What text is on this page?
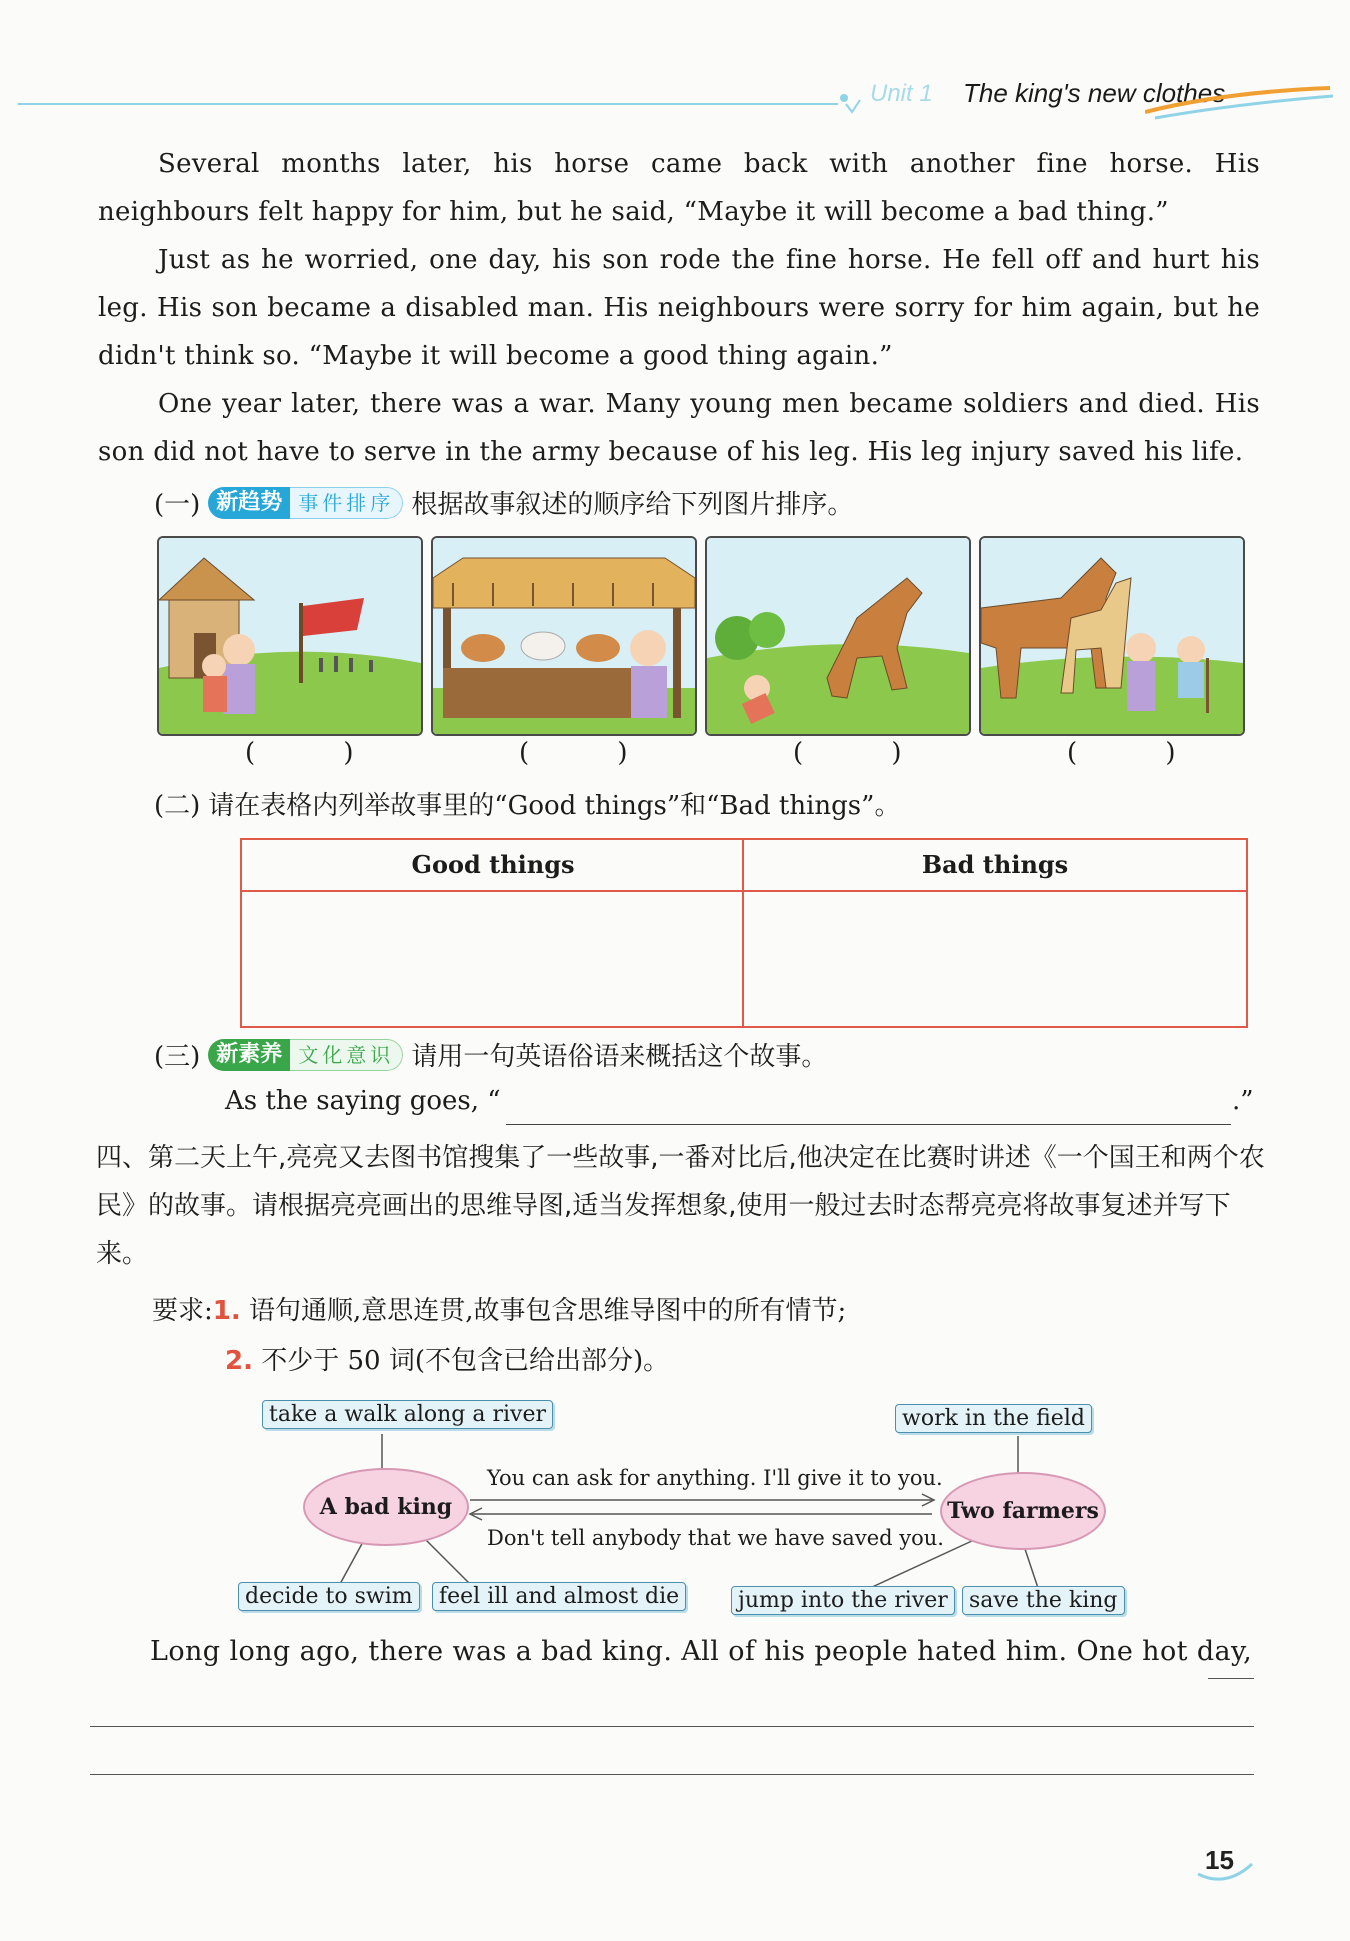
Unit 1 The king's new clothes

Several months later, his horse came back with another fine horse. His neighbours felt happy for him, but he said, “Maybe it will become a bad thing.”

Just as he worried, one day, his son rode the fine horse. He fell off and hurt his leg. His son became a disabled man. His neighbours were sorry for him again, but he didn't think so. “Maybe it will become a good thing again.”

One year later, there was a war. Many young men became soldiers and died. His son did not have to serve in the army because of his leg. His leg injury saved his life.

(一) 新趋势 事件排序 根据故事叙述的顺序给下列图片排序。
( )	( )	( )	( )
(二) 请在表格内列举故事里的“Good things”和“Bad things”。
Good things	Bad things
(三) 新素养 文化意识 请用一句英语俗语来概括这个故事。
As the saying goes, “	.”
四、第二天上午,亮亮又去图书馆搜集了一些故事,一番对比后,他决定在比赛时讲述《一个国王和两个农民》的故事。请根据亮亮画出的思维导图,适当发挥想象,使用一般过去时态帮亮亮将故事复述并写下来。
要求:1. 语句通顺,意思连贯,故事包含思维导图中的所有情节;
2. 不少于 50 词(不包含已给出部分)。
take a walk along a river	work in the field
A bad king	Two farmers
You can ask for anything. I'll give it to you.
Don't tell anybody that we have saved you.
decide to swim	feel ill and almost die	jump into the river save the king
Long long ago, there was a bad king. All of his people hated him. One hot day,
15
